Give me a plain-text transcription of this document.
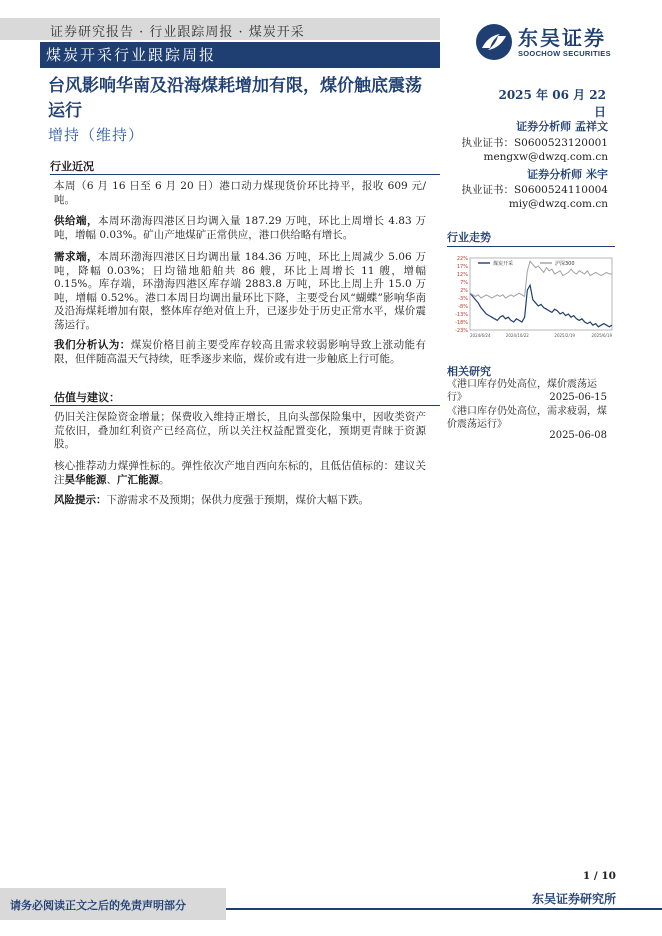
证券研究报告 · 行业跟踪周报 · 煤炭开采
煤炭开采行业跟踪周报
东吴证券
SOOCHOW SECURITIES
台风影响华南及沿海煤耗增加有限，煤价触底震荡运行
增持（维持）
2025 年 06 月 22 日
证券分析师 孟祥文
执业证书：S0600523120001
mengxw@dwzq.com.cn
证券分析师 米宇
执业证书：S0600524110004
miy@dwzq.com.cn
行业近况
本周（6 月 16 日至 6 月 20 日）港口动力煤现货价环比持平，报收 609 元/吨。
供给端，本周环渤海四港区日均调入量 187.29 万吨，环比上周增长 4.83 万吨，增幅 0.03%。矿山产地煤矿正常供应，港口供给略有增长。
需求端，本周环渤海四港区日均调出量 184.36 万吨，环比上周减少 5.06 万吨，降幅 0.03%；日均锚地船舶共 86 艘，环比上周增长 11 艘，增幅 0.15%。库存端，环渤海四港区库存端 2883.8 万吨，环比上周上升 15.0 万吨，增幅 0.52%。港口本周日均调出量环比下降，主要受台风“蝴蝶”影响华南及沿海煤耗增加有限，整体库存绝对值上升，已逐步处于历史正常水平，煤价震荡运行。
我们分析认为：煤炭价格目前主要受库存较高且需求较弱影响导致上涨动能有限，但伴随高温天气持续，旺季逐步来临，煤价或有进一步触底上行可能。
估值与建议：
仍旧关注保险资金增量；保费收入维持正增长，且向头部保险集中，因收类资产荒依旧，叠加红利资产已经高位，所以关注权益配置变化，预期更青睐于资源股。
核心推荐动力煤弹性标的。弹性依次产地自西向东标的，且低估值标的：建议关注昊华能源、广汇能源。
风险提示：下游需求不及预期；保供力度强于预期，煤价大幅下跌。
行业走势
22%
17%
12%
7%
2%
-3%
-8%
-13%
-18%
-23%
2024/6/24	2024/10/22	2025/2/19	2025/6/19
煤炭开采	沪深300
相关研究
《港口库存仍处高位，煤价震荡运行》	2025-06-15
《港口库存仍处高位，需求疲弱，煤价震荡运行》
2025-06-08
1 / 10
请务必阅读正文之后的免责声明部分	东吴证券研究所
